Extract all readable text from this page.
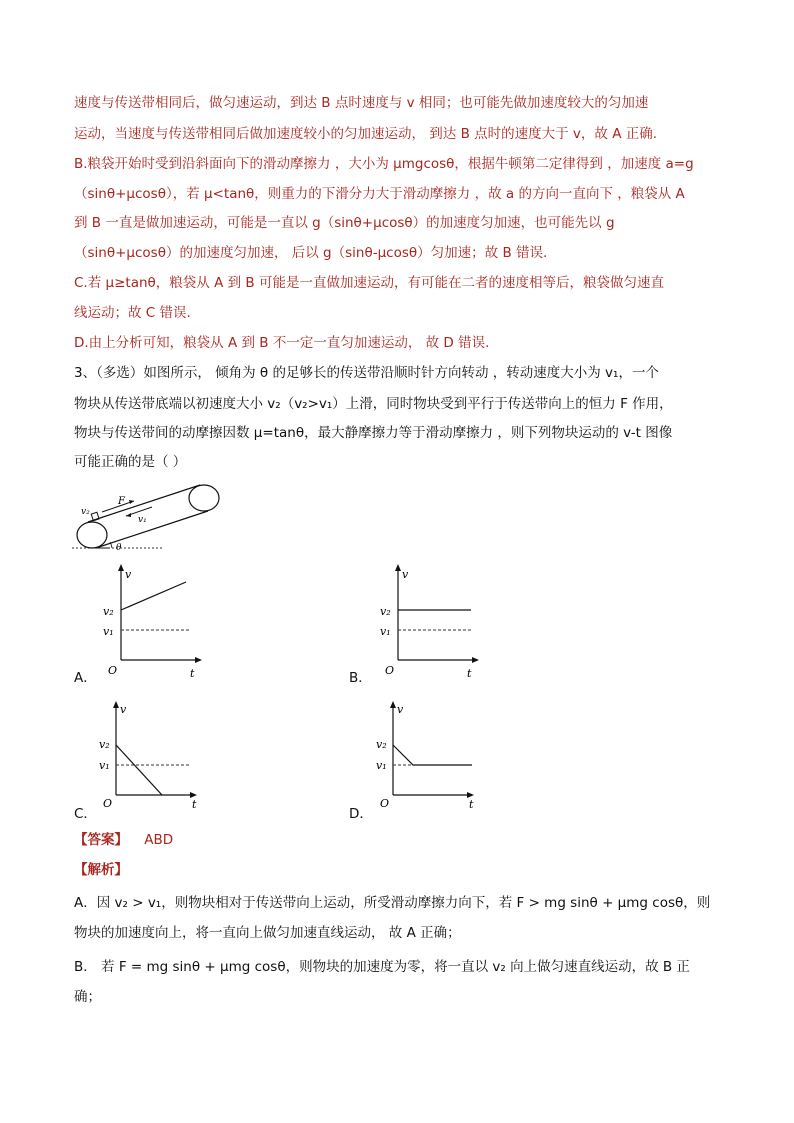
速度与传送带相同后，做匀速运动，到达 B 点时速度与 v 相同；也可能先做加速度较大的匀加速
运动，当速度与传送带相同后做加速度较小的匀加速运动， 到达 B 点时的速度大于 v，故 A 正确.
B.粮袋开始时受到沿斜面向下的滑动摩擦力 ，大小为 μmgcosθ，根据牛顿第二定律得到 ，加速度 a=g
（sinθ+μcosθ），若 μ<tanθ，则重力的下滑分力大于滑动摩擦力 ，故 a 的方向一直向下 ，粮袋从 A
到 B 一直是做加速运动，可能是一直以 g（sinθ+μcosθ）的加速度匀加速，也可能先以 g
（sinθ+μcosθ）的加速度匀加速， 后以 g（sinθ-μcosθ）匀加速；故 B 错误.
C.若 μ≥tanθ，粮袋从 A 到 B 可能是一直做加速运动，有可能在二者的速度相等后，粮袋做匀速直
线运动；故 C 错误.
D.由上分析可知，粮袋从 A 到 B 不一定一直匀加速运动， 故 D 错误.
3、（多选）如图所示， 倾角为 θ 的足够长的传送带沿顺时针方向转动 ，转动速度大小为 v₁，一个
物块从传送带底端以初速度大小 v₂（v₂>v₁）上滑，同时物块受到平行于传送带向上的恒力 F 作用，
物块与传送带间的动摩擦因数 μ=tanθ，最大静摩擦力等于滑动摩擦力 ，则下列物块运动的 v-t 图像
可能正确的是（ ）
v₂
F
v₁
θ
v
v₂
v₁
O	t
A．
v
v₂
v₁
O	t
B．
v
v₂
v₁
O	t
C．
v
v₂
v₁
O	t
D．
【答案】 ABD
【解析】
A．因 v₂ > v₁，则物块相对于传送带向上运动，所受滑动摩擦力向下，若 F > mg sinθ + μmg cosθ，则
物块的加速度向上，将一直向上做匀加速直线运动， 故 A 正确；
B． 若 F = mg sinθ + μmg cosθ，则物块的加速度为零，将一直以 v₂ 向上做匀速直线运动，故 B 正
确；
